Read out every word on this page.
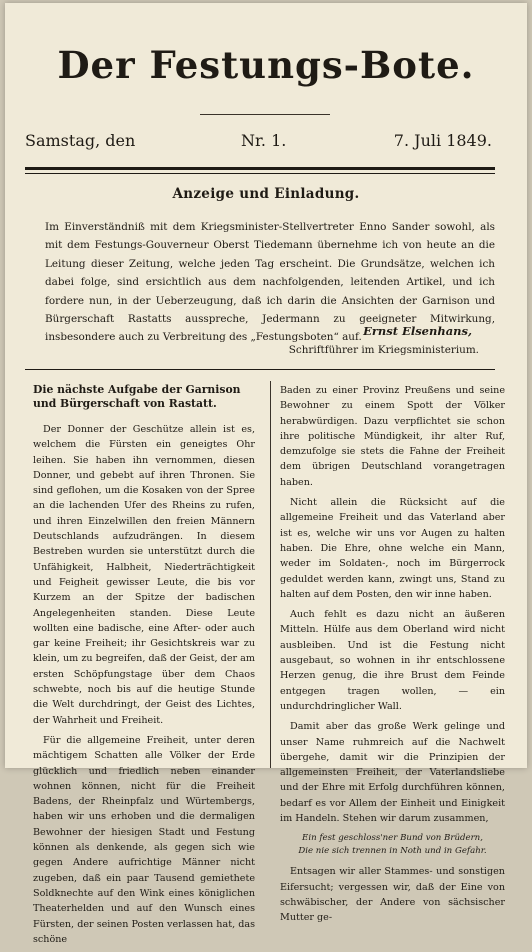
Der Festungs-Bote.
Samstag, den	Nr. 1.	7. Juli 1849.
Anzeige und Einladung.

Im Einverständniß mit dem Kriegsminister-Stellvertreter Enno Sander sowohl, als mit dem Festungs-Gouverneur Oberst Tiedemann übernehme ich von heute an die Leitung dieser Zeitung, welche jeden Tag erscheint. Die Grundsätze, welchen ich dabei folge, sind ersichtlich aus dem nachfolgenden, leitenden Artikel, und ich fordere nun, in der Ueberzeugung, daß ich darin die Ansichten der Garnison und Bürgerschaft Rastatts ausspreche, Jedermann zu geeigneter Mitwirkung, insbesondere auch zu Verbreitung des „Festungsboten“ auf. Ernst Elsenhans,
Schriftführer im Kriegsministerium.
Die nächste Aufgabe der Garnison und Bürgerschaft von Rastatt.

Der Donner der Geschütze allein ist es, welchem die Fürsten ein geneigtes Ohr leihen. Sie haben ihn vernommen, diesen Donner, und gebebt auf ihren Thronen. Sie sind geflohen, um die Kosaken von der Spree an die lachenden Ufer des Rheins zu rufen, und ihren Einzelwillen den freien Männern Deutschlands aufzudrängen. In diesem Bestreben wurden sie unterstützt durch die Unfähigkeit, Halbheit, Niederträchtigkeit und Feigheit gewisser Leute, die bis vor Kurzem an der Spitze der badischen Angelegenheiten standen. Diese Leute wollten eine badische, eine After- oder auch gar keine Freiheit; ihr Gesichtskreis war zu klein, um zu begreifen, daß der Geist, der am ersten Schöpfungstage über dem Chaos schwebte, noch bis auf die heutige Stunde die Welt durchdringt, der Geist des Lichtes, der Wahrheit und Freiheit.

Für die allgemeine Freiheit, unter deren mächtigem Schatten alle Völker der Erde glücklich und friedlich neben einander wohnen können, nicht für die Freiheit Badens, der Rheinpfalz und Würtembergs, haben wir uns erhoben und die dermaligen Bewohner der hiesigen Stadt und Festung können als denkende, als gegen sich wie gegen Andere aufrichtige Männer nicht zugeben, daß ein paar Tausend gemiethete Soldknechte auf den Wink eines königlichen Theaterhelden und auf den Wunsch eines Fürsten, der seinen Posten verlassen hat, das schöne

Baden zu einer Provinz Preußens und seine Bewohner zu einem Spott der Völker herabwürdigen. Dazu verpflichtet sie schon ihre politische Mündigkeit, ihr alter Ruf, demzufolge sie stets die Fahne der Freiheit dem übrigen Deutschland vorangetragen haben.

Nicht allein die Rücksicht auf die allgemeine Freiheit und das Vaterland aber ist es, welche wir uns vor Augen zu halten haben. Die Ehre, ohne welche ein Mann, weder im Soldaten-, noch im Bürgerrock geduldet werden kann, zwingt uns, Stand zu halten auf dem Posten, den wir inne haben.

Auch fehlt es dazu nicht an äußeren Mitteln. Hülfe aus dem Oberland wird nicht ausbleiben. Und ist die Festung nicht ausgebaut, so wohnen in ihr entschlossene Herzen genug, die ihre Brust dem Feinde entgegen tragen wollen, — ein undurchdringlicher Wall.

Damit aber das große Werk gelinge und unser Name ruhmreich auf die Nachwelt übergehe, damit wir die Prinzipien der allgemeinsten Freiheit, der Vaterlandsliebe und der Ehre mit Erfolg durchführen können, bedarf es vor Allem der Einheit und Einigkeit im Handeln. Stehen wir darum zusammen,

Ein fest geschloss'ner Bund von Brüdern,
Die nie sich trennen in Noth und in Gefahr.

Entsagen wir aller Stammes- und sonstigen Eifersucht; vergessen wir, daß der Eine von schwäbischer, der Andere von sächsischer Mutter ge-
